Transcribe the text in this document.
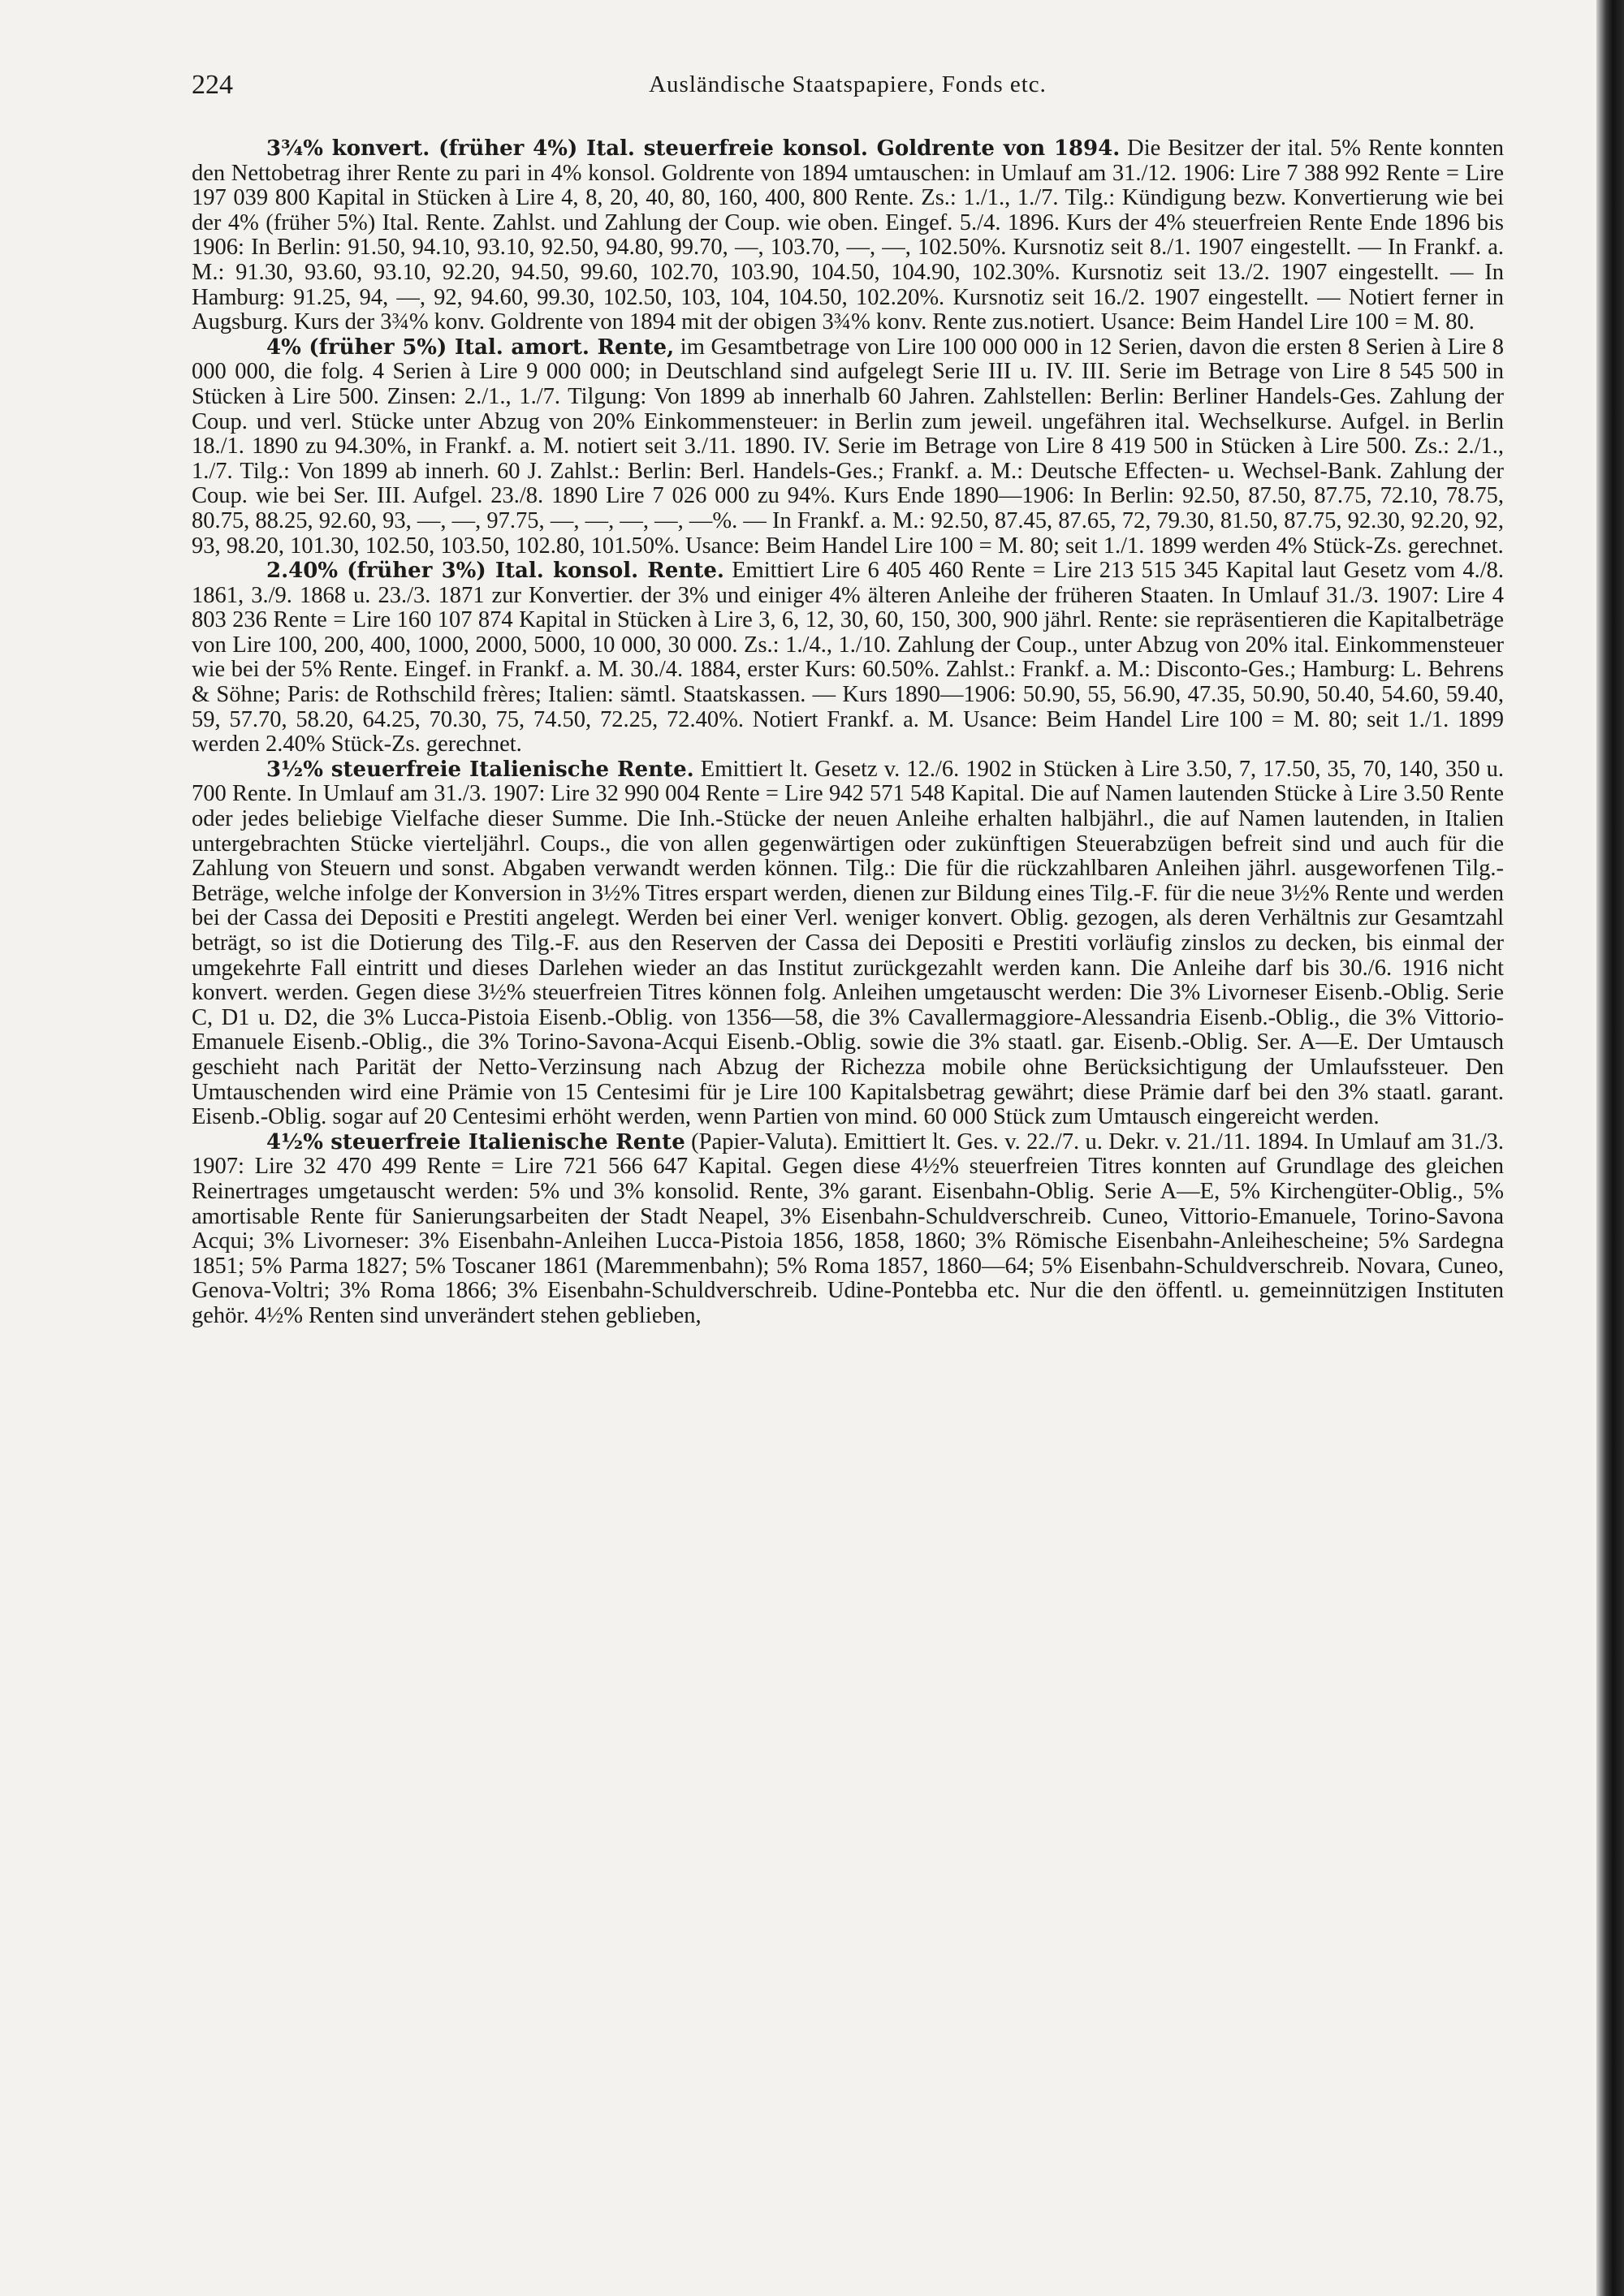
224	Ausländische Staatspapiere, Fonds etc.

3¾% konvert. (früher 4%) Ital. steuerfreie konsol. Goldrente von 1894. Die Besitzer der ital. 5% Rente konnten den Nettobetrag ihrer Rente zu pari in 4% konsol. Goldrente von 1894 umtauschen: in Umlauf am 31./12. 1906: Lire 7 388 992 Rente = Lire 197 039 800 Kapital in Stücken à Lire 4, 8, 20, 40, 80, 160, 400, 800 Rente. Zs.: 1./1., 1./7. Tilg.: Kündigung bezw. Konvertierung wie bei der 4% (früher 5%) Ital. Rente. Zahlst. und Zahlung der Coup. wie oben. Eingef. 5./4. 1896. Kurs der 4% steuerfreien Rente Ende 1896 bis 1906: In Berlin: 91.50, 94.10, 93.10, 92.50, 94.80, 99.70, —, 103.70, —, —, 102.50%. Kursnotiz seit 8./1. 1907 eingestellt. — In Frankf. a. M.: 91.30, 93.60, 93.10, 92.20, 94.50, 99.60, 102.70, 103.90, 104.50, 104.90, 102.30%. Kursnotiz seit 13./2. 1907 eingestellt. — In Hamburg: 91.25, 94, —, 92, 94.60, 99.30, 102.50, 103, 104, 104.50, 102.20%. Kursnotiz seit 16./2. 1907 eingestellt. — Notiert ferner in Augsburg. Kurs der 3¾% konv. Goldrente von 1894 mit der obigen 3¾% konv. Rente zus.notiert. Usance: Beim Handel Lire 100 = M. 80.

4% (früher 5%) Ital. amort. Rente, im Gesamtbetrage von Lire 100 000 000 in 12 Serien, davon die ersten 8 Serien à Lire 8 000 000, die folg. 4 Serien à Lire 9 000 000; in Deutschland sind aufgelegt Serie III u. IV. III. Serie im Betrage von Lire 8 545 500 in Stücken à Lire 500. Zinsen: 2./1., 1./7. Tilgung: Von 1899 ab innerhalb 60 Jahren. Zahlstellen: Berlin: Berliner Handels-Ges. Zahlung der Coup. und verl. Stücke unter Abzug von 20% Einkommensteuer: in Berlin zum jeweil. ungefähren ital. Wechselkurse. Aufgel. in Berlin 18./1. 1890 zu 94.30%, in Frankf. a. M. notiert seit 3./11. 1890. IV. Serie im Betrage von Lire 8 419 500 in Stücken à Lire 500. Zs.: 2./1., 1./7. Tilg.: Von 1899 ab innerh. 60 J. Zahlst.: Berlin: Berl. Handels-Ges.; Frankf. a. M.: Deutsche Effecten- u. Wechsel-Bank. Zahlung der Coup. wie bei Ser. III. Aufgel. 23./8. 1890 Lire 7 026 000 zu 94%. Kurs Ende 1890—1906: In Berlin: 92.50, 87.50, 87.75, 72.10, 78.75, 80.75, 88.25, 92.60, 93, —, —, 97.75, —, —, —, —, —%. — In Frankf. a. M.: 92.50, 87.45, 87.65, 72, 79.30, 81.50, 87.75, 92.30, 92.20, 92, 93, 98.20, 101.30, 102.50, 103.50, 102.80, 101.50%. Usance: Beim Handel Lire 100 = M. 80; seit 1./1. 1899 werden 4% Stück-Zs. gerechnet.

2.40% (früher 3%) Ital. konsol. Rente. Emittiert Lire 6 405 460 Rente = Lire 213 515 345 Kapital laut Gesetz vom 4./8. 1861, 3./9. 1868 u. 23./3. 1871 zur Konvertier. der 3% und einiger 4% älteren Anleihe der früheren Staaten. In Umlauf 31./3. 1907: Lire 4 803 236 Rente = Lire 160 107 874 Kapital in Stücken à Lire 3, 6, 12, 30, 60, 150, 300, 900 jährl. Rente: sie repräsentieren die Kapitalbeträge von Lire 100, 200, 400, 1000, 2000, 5000, 10 000, 30 000. Zs.: 1./4., 1./10. Zahlung der Coup., unter Abzug von 20% ital. Einkommensteuer wie bei der 5% Rente. Eingef. in Frankf. a. M. 30./4. 1884, erster Kurs: 60.50%. Zahlst.: Frankf. a. M.: Disconto-Ges.; Hamburg: L. Behrens & Söhne; Paris: de Rothschild frères; Italien: sämtl. Staatskassen. — Kurs 1890—1906: 50.90, 55, 56.90, 47.35, 50.90, 50.40, 54.60, 59.40, 59, 57.70, 58.20, 64.25, 70.30, 75, 74.50, 72.25, 72.40%. Notiert Frankf. a. M. Usance: Beim Handel Lire 100 = M. 80; seit 1./1. 1899 werden 2.40% Stück-Zs. gerechnet.

3½% steuerfreie Italienische Rente. Emittiert lt. Gesetz v. 12./6. 1902 in Stücken à Lire 3.50, 7, 17.50, 35, 70, 140, 350 u. 700 Rente. In Umlauf am 31./3. 1907: Lire 32 990 004 Rente = Lire 942 571 548 Kapital. Die auf Namen lautenden Stücke à Lire 3.50 Rente oder jedes beliebige Vielfache dieser Summe. Die Inh.-Stücke der neuen Anleihe erhalten halbjährl., die auf Namen lautenden, in Italien untergebrachten Stücke vierteljährl. Coups., die von allen gegenwärtigen oder zukünftigen Steuerabzügen befreit sind und auch für die Zahlung von Steuern und sonst. Abgaben verwandt werden können. Tilg.: Die für die rückzahlbaren Anleihen jährl. ausgeworfenen Tilg.-Beträge, welche infolge der Konversion in 3½% Titres erspart werden, dienen zur Bildung eines Tilg.-F. für die neue 3½% Rente und werden bei der Cassa dei Depositi e Prestiti angelegt. Werden bei einer Verl. weniger konvert. Oblig. gezogen, als deren Verhältnis zur Gesamtzahl beträgt, so ist die Dotierung des Tilg.-F. aus den Reserven der Cassa dei Depositi e Prestiti vorläufig zinslos zu decken, bis einmal der umgekehrte Fall eintritt und dieses Darlehen wieder an das Institut zurückgezahlt werden kann. Die Anleihe darf bis 30./6. 1916 nicht konvert. werden. Gegen diese 3½% steuerfreien Titres können folg. Anleihen umgetauscht werden: Die 3% Livorneser Eisenb.-Oblig. Serie C, D1 u. D2, die 3% Lucca-Pistoia Eisenb.-Oblig. von 1356—58, die 3% Cavallermaggiore-Alessandria Eisenb.-Oblig., die 3% Vittorio-Emanuele Eisenb.-Oblig., die 3% Torino-Savona-Acqui Eisenb.-Oblig. sowie die 3% staatl. gar. Eisenb.-Oblig. Ser. A—E. Der Umtausch geschieht nach Parität der Netto-Verzinsung nach Abzug der Richezza mobile ohne Berücksichtigung der Umlaufssteuer. Den Umtauschenden wird eine Prämie von 15 Centesimi für je Lire 100 Kapitalsbetrag gewährt; diese Prämie darf bei den 3% staatl. garant. Eisenb.-Oblig. sogar auf 20 Centesimi erhöht werden, wenn Partien von mind. 60 000 Stück zum Umtausch eingereicht werden.

4½% steuerfreie Italienische Rente (Papier-Valuta). Emittiert lt. Ges. v. 22./7. u. Dekr. v. 21./11. 1894. In Umlauf am 31./3. 1907: Lire 32 470 499 Rente = Lire 721 566 647 Kapital. Gegen diese 4½% steuerfreien Titres konnten auf Grundlage des gleichen Reinertrages umgetauscht werden: 5% und 3% konsolid. Rente, 3% garant. Eisenbahn-Oblig. Serie A—E, 5% Kirchengüter-Oblig., 5% amortisable Rente für Sanierungsarbeiten der Stadt Neapel, 3% Eisenbahn-Schuldverschreib. Cuneo, Vittorio-Emanuele, Torino-Savona Acqui; 3% Livorneser: 3% Eisenbahn-Anleihen Lucca-Pistoia 1856, 1858, 1860; 3% Römische Eisenbahn-Anleihescheine; 5% Sardegna 1851; 5% Parma 1827; 5% Toscaner 1861 (Maremmenbahn); 5% Roma 1857, 1860—64; 5% Eisenbahn-Schuldverschreib. Novara, Cuneo, Genova-Voltri; 3% Roma 1866; 3% Eisenbahn-Schuldverschreib. Udine-Pontebba etc. Nur die den öffentl. u. gemeinnützigen Instituten gehör. 4½% Renten sind unverändert stehen geblieben,
